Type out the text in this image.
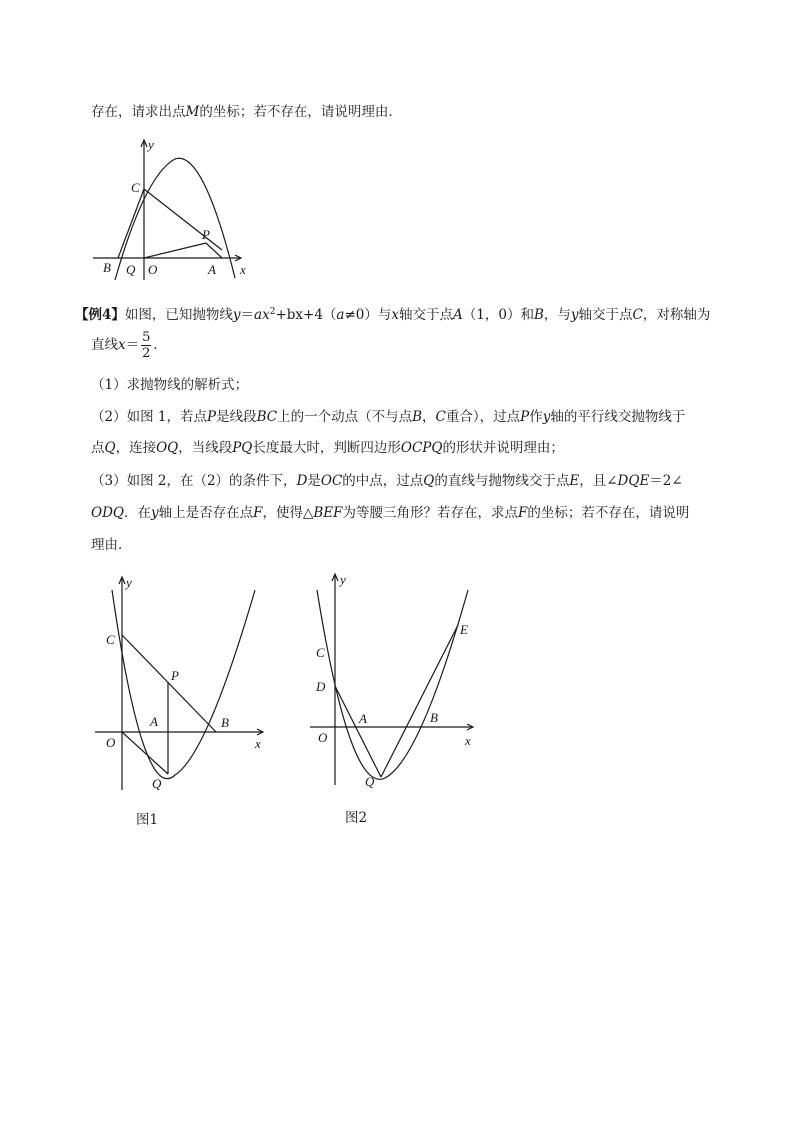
存在，请求出点M的坐标；若不存在，请说明理由．
y
x
C
P
B Q O	A
【例4】如图，已知抛物线$y=ax^2+bx+4(a\ne 0)$与x轴交于点A（1，0）和B，与y轴交于点C，对称轴为
直线$x= \frac{5}{2}$ ．
（1）求抛物线的解析式；
（2）如图 1，若点P是线段BC上的一个动点（不与点B，C重合），过点P作y轴的平行线交抛物线于
点Q，连接OQ，当线段PQ长度最大时，判断四边形OCPQ的形状并说明理由；
（3）如图 2，在（2）的条件下，D是OC的中点，过点Q的直线与抛物线交于点E，且∠DQE＝2∠
ODQ．在y轴上是否存在点F，使得△BEF为等腰三角形？若存在，求点F的坐标；若不存在，请说明
理由．
y
x
C
P
A	B
O
Q
图1
y
x
C
D
A	B
O
Q
E
图2
